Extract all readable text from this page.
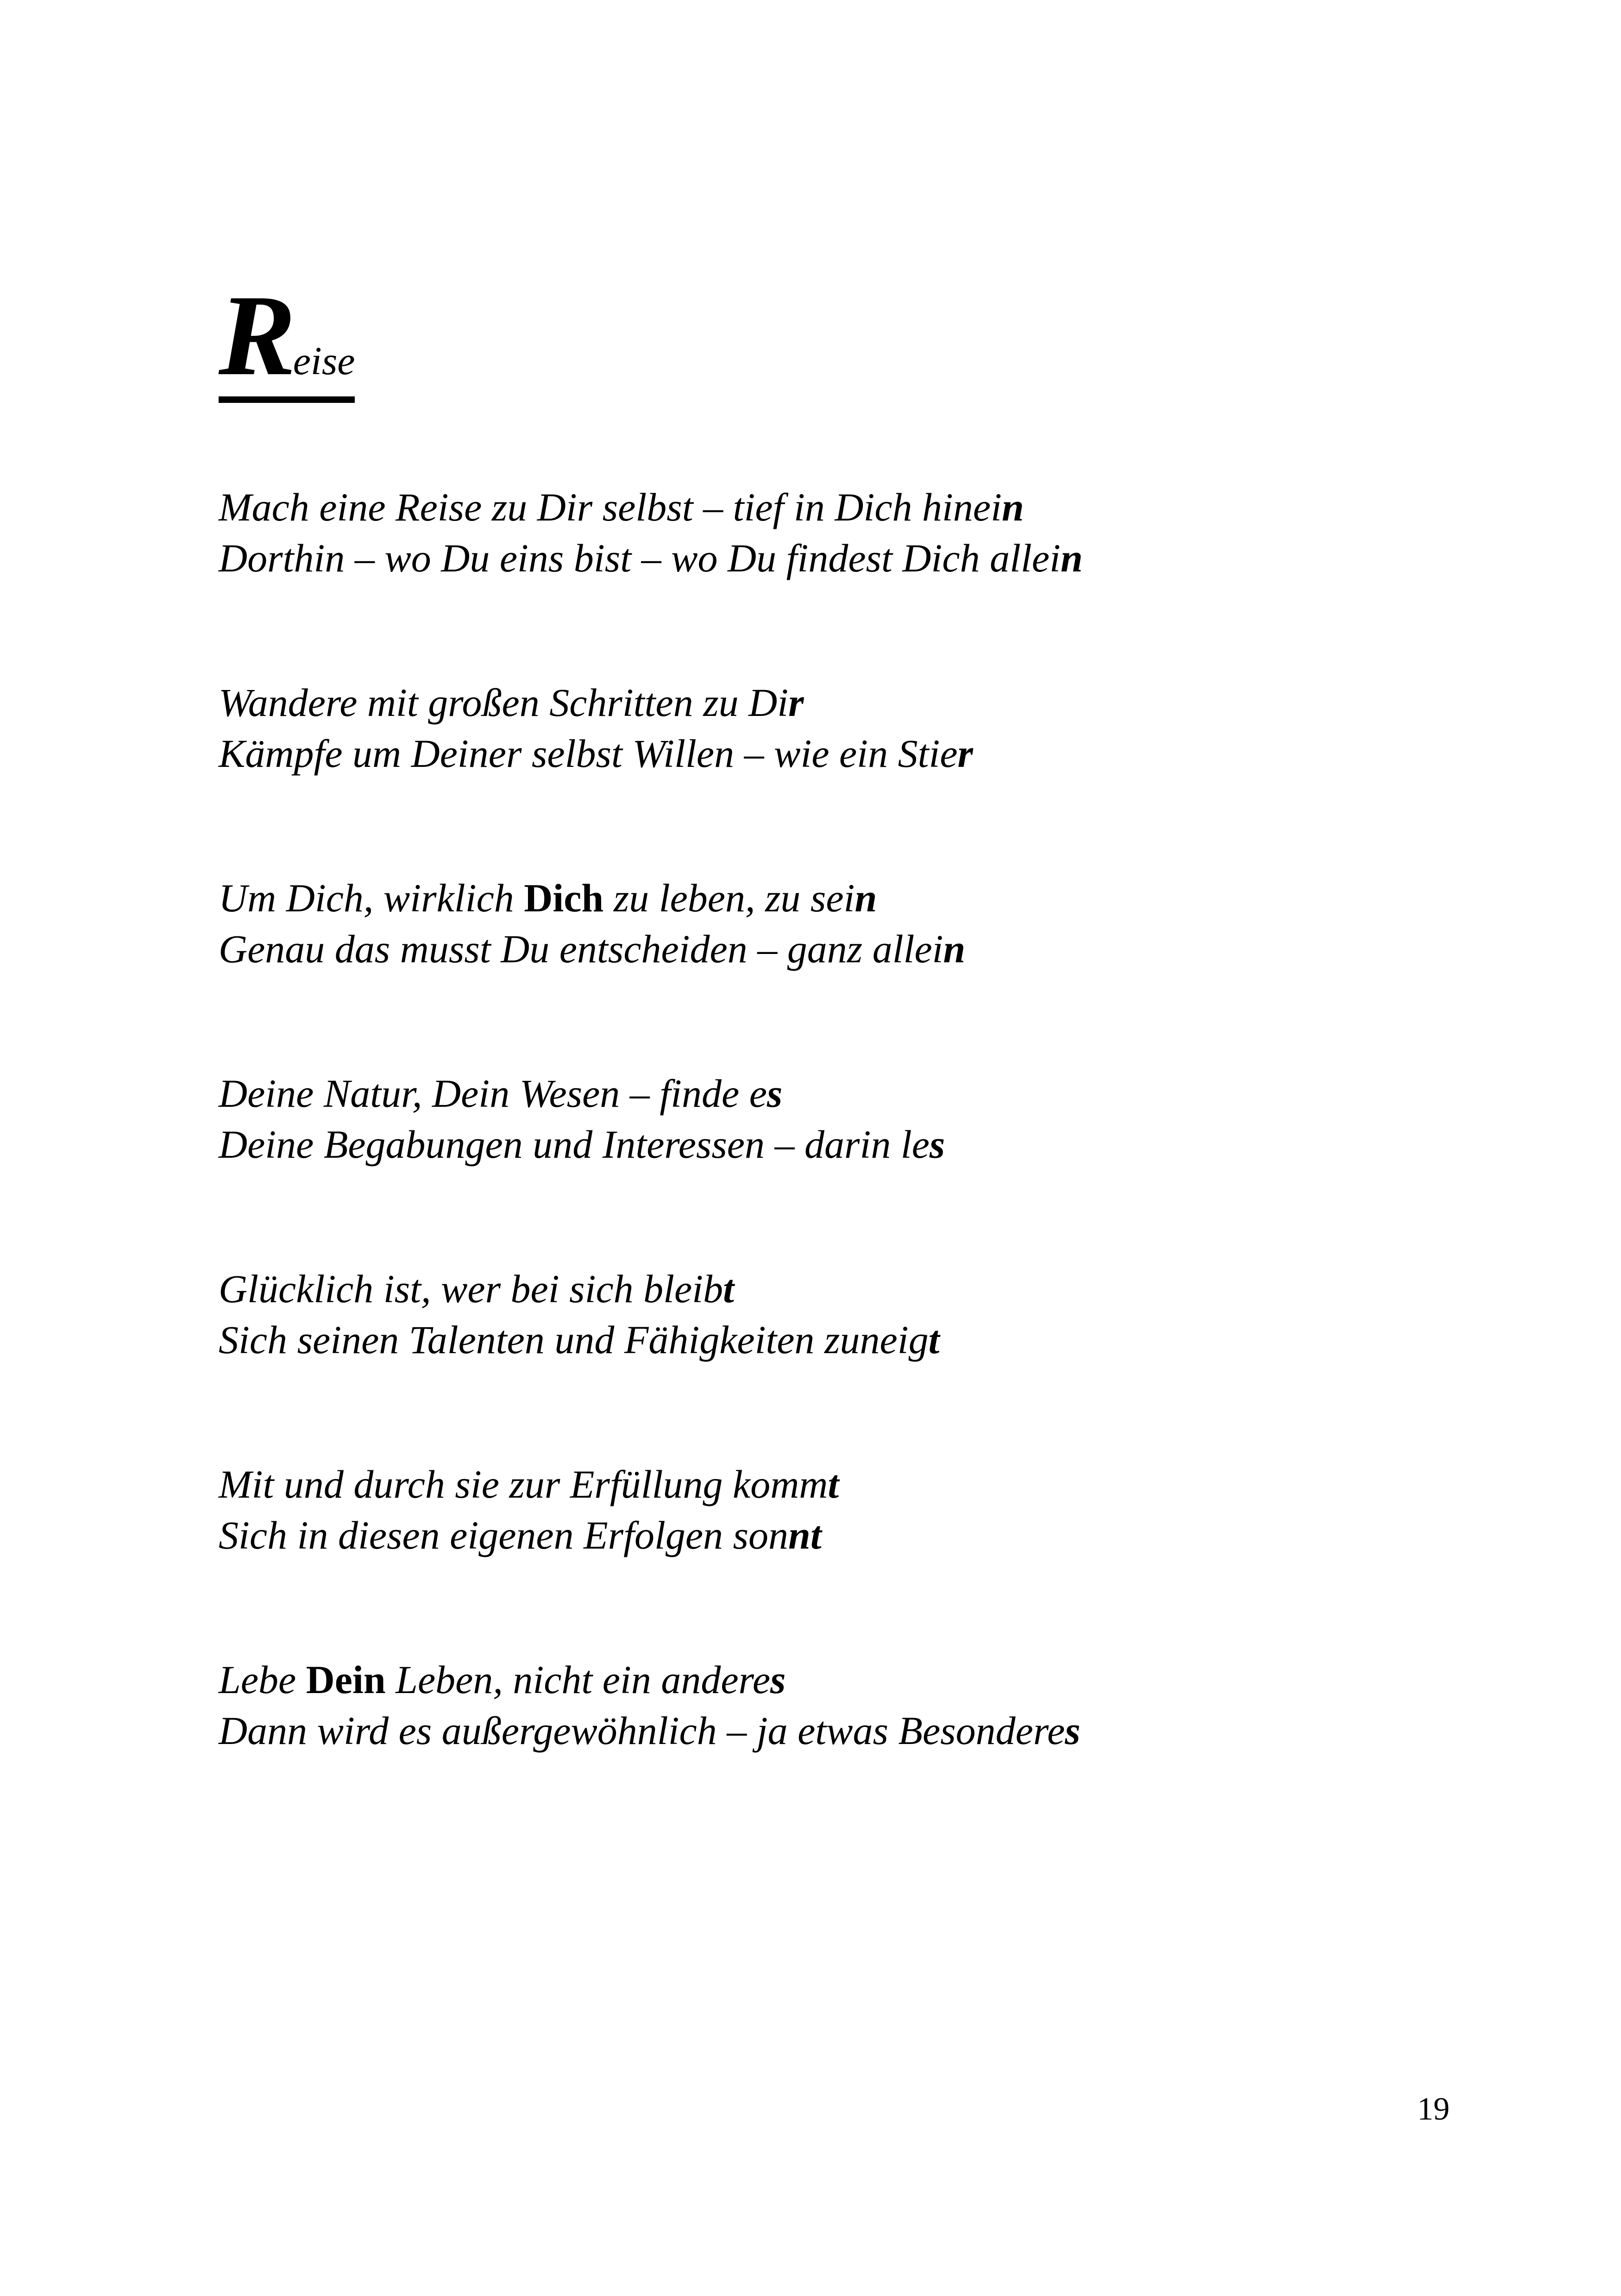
Reise
Mach eine Reise zu Dir selbst – tief in Dich hinein
Dorthin – wo Du eins bist – wo Du findest Dich allein
Wandere mit großen Schritten zu Dir
Kämpfe um Deiner selbst Willen – wie ein Stier
Um Dich, wirklich Dich zu leben, zu sein
Genau das musst Du entscheiden – ganz allein
Deine Natur, Dein Wesen – finde es
Deine Begabungen und Interessen – darin les
Glücklich ist, wer bei sich bleibt
Sich seinen Talenten und Fähigkeiten zuneigt
Mit und durch sie zur Erfüllung kommt
Sich in diesen eigenen Erfolgen sonnt
Lebe Dein Leben, nicht ein anderes
Dann wird es außergewöhnlich – ja etwas Besonderes
19
